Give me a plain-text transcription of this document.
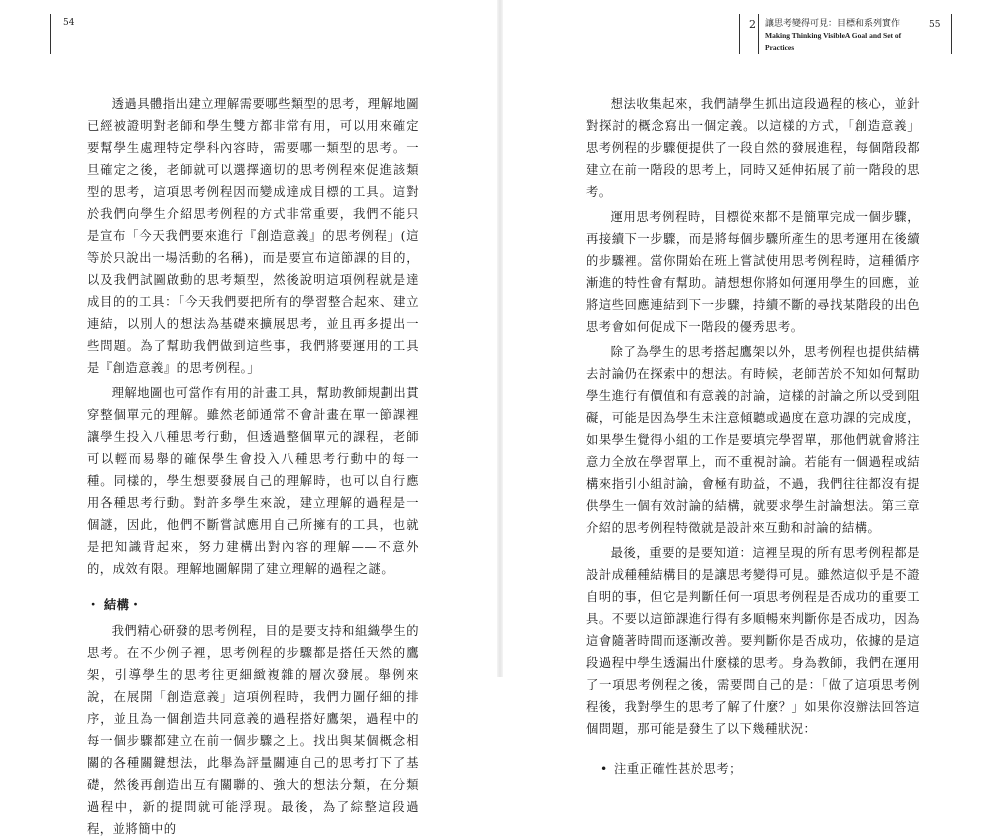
54

透過具體指出建立理解需要哪些類型的思考，理解地圖已經被證明對老師和學生雙方都非常有用，可以用來確定要幫學生處理特定學科內容時，需要哪一類型的思考。一旦確定之後，老師就可以選擇適切的思考例程來促進該類型的思考，這項思考例程因而變成達成目標的工具。這對於我們向學生介紹思考例程的方式非常重要，我們不能只是宣布「今天我們要來進行『創造意義』的思考例程」(這等於只說出一場活動的名稱)，而是要宣布這節課的目的，以及我們試圖啟動的思考類型，然後說明這項例程就是達成目的的工具：「今天我們要把所有的學習整合起來、建立連結，以別人的想法為基礎來擴展思考，並且再多提出一些問題。為了幫助我們做到這些事，我們將要運用的工具是『創造意義』的思考例程。」

理解地圖也可當作有用的計畫工具，幫助教師規劃出貫穿整個單元的理解。雖然老師通常不會計畫在單一節課裡讓學生投入八種思考行動，但透過整個單元的課程，老師可以輕而易舉的確保學生會投入八種思考行動中的每一種。同樣的，學生想要發展自己的理解時，也可以自行應用各種思考行動。對許多學生來說，建立理解的過程是一個謎，因此，他們不斷嘗試應用自己所擁有的工具，也就是把知識背起來，努力建構出對內容的理解——不意外的，成效有限。理解地圖解開了建立理解的過程之謎。

・ 結構・

我們精心研發的思考例程，目的是要支持和組織學生的思考。在不少例子裡，思考例程的步驟都是搭任天然的鷹架，引導學生的思考往更細緻複雜的層次發展。舉例來說，在展開「創造意義」這項例程時，我們力圖仔細的排序，並且為一個創造共同意義的過程搭好鷹架，過程中的每一個步驟都建立在前一個步驟之上。找出與某個概念相關的各種關鍵想法，此舉為評量關連自己的思考打下了基礎，然後再創造出互有關聯的、強大的想法分類，在分類過程中，新的提問就可能浮現。最後，為了綜整這段過程，並將簡中的

2 讓思考變得可見：目標和系列實作
Making Thinking VisibleA Goal and Set of Practices
55

想法收集起來，我們請學生抓出這段過程的核心，並針對探討的概念寫出一個定義。以這樣的方式，「創造意義」思考例程的步驟便提供了一段自然的發展進程，每個階段都建立在前一階段的思考上，同時又延伸拓展了前一階段的思考。

運用思考例程時，目標從來都不是簡單完成一個步驟，再接續下一步驟，而是將每個步驟所產生的思考運用在後續的步驟裡。當你開始在班上嘗試使用思考例程時，這種循序漸進的特性會有幫助。請想想你將如何運用學生的回應，並將這些回應連結到下一步驟，持續不斷的尋找某階段的出色思考會如何促成下一階段的優秀思考。

除了為學生的思考搭起鷹架以外，思考例程也提供結構去討論仍在探索中的想法。有時候，老師苦於不知如何幫助學生進行有價值和有意義的討論，這樣的討論之所以受到阻礙，可能是因為學生未注意傾聽或過度在意功課的完成度，如果學生覺得小組的工作是要填完學習單，那他們就會將注意力全放在學習單上，而不重視討論。若能有一個過程或結構來指引小組討論，會極有助益，不過，我們往往都沒有提供學生一個有效討論的結構，就要求學生討論想法。第三章介紹的思考例程特徵就是設計來互動和討論的結構。

最後，重要的是要知道：這裡呈現的所有思考例程都是設計成種種結構目的是讓思考變得可見。雖然這似乎是不證自明的事，但它是判斷任何一項思考例程是否成功的重要工具。不要以這節課進行得有多順暢來判斷你是否成功，因為這會隨著時間而逐漸改善。要判斷你是否成功，依據的是這段過程中學生透漏出什麼樣的思考。身為教師，我們在運用了一項思考例程之後，需要問自己的是：「做了這項思考例程後，我對學生的思考了解了什麼？」如果你沒辦法回答這個問題，那可能是發生了以下幾種狀況：

• 注重正確性甚於思考；
